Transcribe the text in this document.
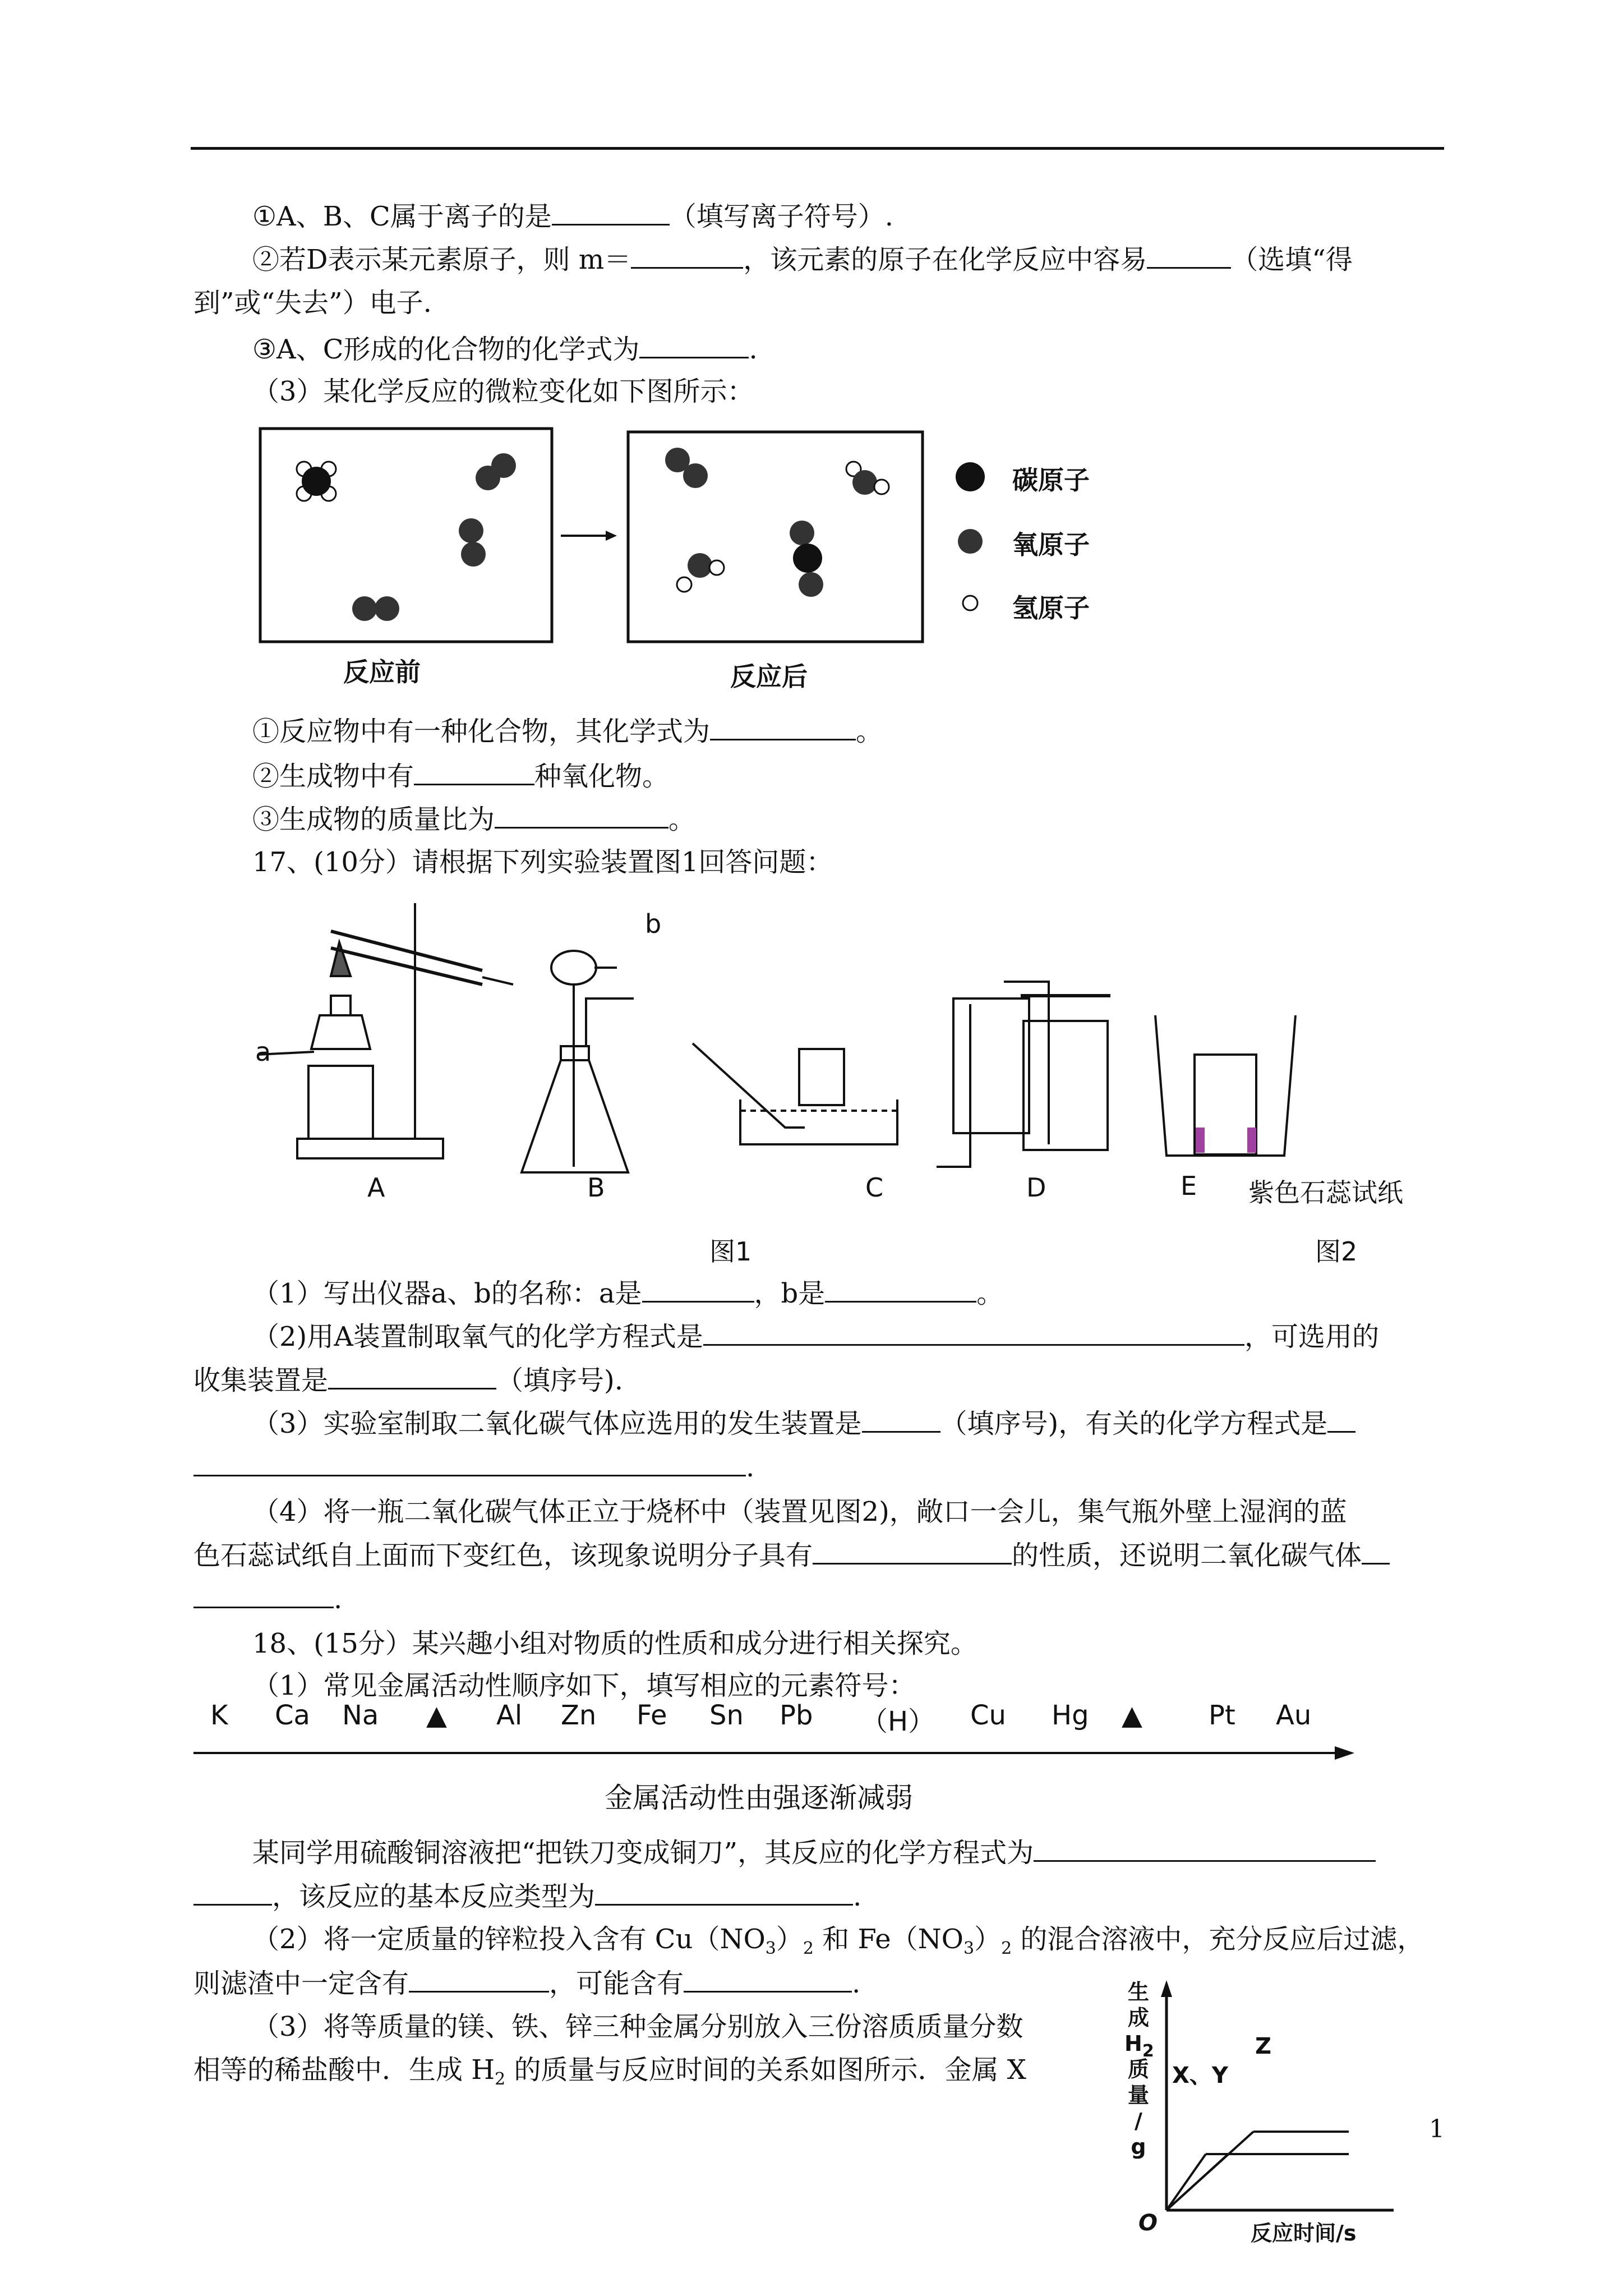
①A、B、C属于离子的是	（填写离子符号）.
②若D表示某元素原子，则 m＝	，该元素的原子在化学反应中容易	（选填“得
到”或“失去”）电子.
③A、C形成的化合物的化学式为	.
（3）某化学反应的微粒变化如下图所示：
碳原子
氧原子
氢原子
反应前	反应后
①反应物中有一种化合物，其化学式为	。
②生成物中有	种氧化物。
③生成物的质量比为	。
17、(10分）请根据下列实验装置图1回答问题：
a
b
A	B	C	D	E 紫色石蕊试纸
图1	图2
（1）写出仪器a、b的名称：a是	，b是	。
（2)用A装置制取氧气的化学方程式是	，可选用的
收集装置是	（填序号).
（3）实验室制取二氧化碳气体应选用的发生装置是	（填序号)，有关的化学方程式是
.
（4）将一瓶二氧化碳气体正立于烧杯中（装置见图2)，敞口一会儿，集气瓶外壁上湿润的蓝
色石蕊试纸自上面而下变红色，该现象说明分子具有	的性质，还说明二氧化碳气体
.
18、(15分）某兴趣小组对物质的性质和成分进行相关探究。
（1）常见金属活动性顺序如下，填写相应的元素符号：
K Ca Na ▲ Al Zn Fe Sn Pb （H） Cu Hg ▲ Pt Au
金属活动性由强逐渐减弱
某同学用硫酸铜溶液把“把铁刀变成铜刀”，其反应的化学方程式为
，该反应的基本反应类型为	.
（2）将一定质量的锌粒投入含有 $Cu(NO_3)_2$ 和 $Fe(NO_3)_2$ 的混合溶液中，充分反应后过滤，
则滤渣中一定含有	，可能含有	.
（3）将等质量的镁、铁、锌三种金属分别放入三份溶质质量分数
相等的稀盐酸中．生成 $H_2$ 的质量与反应时间的关系如图所示．金属 X
生
成
$H_2$
质
量
/
g
X、Y
Z
O	反应时间/s
1
